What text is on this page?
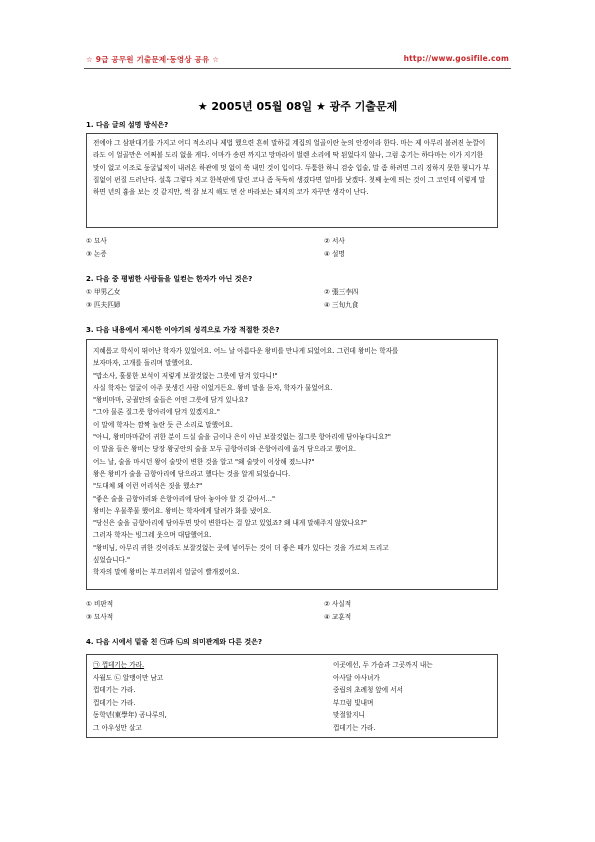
☆ 9급 공무원 기출문제·동영상 공유 ☆	http://www.gosifile.com
★ 2005년 05월 08일 ★ 광주 기출문제
1. 다음 글의 설명 방식은?

전에야 그 삼판대기를 가지고 어디 적소리나 제법 했으련 흔히 말하길 계집의 얼골이란 눈의 안경이라 한다. 마는 제 아무리 볼려진 눈깔이라도 이 얼골만은 어쩌볼 도리 없을 게다. 이마가 송편 까지고 망마라이 벌렌 소리에 딱 된었다지 않나, 그럼 총기는 하다마는 이가 지기한 맛이 없고 이조로 둥굴넓적이 내려온 하관에 멋 없이 쑥 내민 것이 입이다. 두툼한 하니 검숭 입술, 말 좀 하려면 그리 징하지 못한 뭣니가 부질없이 펀질 드러난다. 설혹 그렇다 치고 한복판에 달린 코나 좀 둑둑히 생겼다면 얼마를 낫겠다. 첫째 눈에 띄는 것이 그 코인데 이렇게 말하면 년의 흉을 보는 것 같지만, 썩 잘 보지 해도 먼 산 바라보는 돼지의 코가 자꾸만 생각이 난다.

① 묘사	② 서사
③ 논증	④ 설명
2. 다음 중 평범한 사람들을 일컫는 한자가 아닌 것은?
① 甲男乙女	② 張三李四
③ 匹夫匹婦	④ 三旬九食
3. 다음 내용에서 제시한 이야기의 성격으로 가장 적절한 것은?

지혜롭고 학식이 뛰어난 학자가 있었어요. 어느 날 아름다운 왕비를 만나게 되었어요. 그런데 왕비는 학자를

보자마자, 고개를 돌리며 말했어요.

"맙소사, 훌륭한 보석이 저렇게 보잘것없는 그릇에 담겨 있다니!"

사실 학자는 얼굴이 아주 못생긴 사람 이었거든요. 왕비 말을 듣자, 학자가 물었어요.

"왕비마마, 궁궐안의 술들은 어떤 그릇에 담겨 있나요?

"그야 물론 질그릇 항아리에 담겨 있겠지요."

이 말에 학자는 깜짝 놀란 듯 큰 소리로 말했어요.

"아니, 왕비마마같이 귀한 분이 드실 술을 금이나 은이 아닌 보잘것없는 질그릇 항아리에 담아놓다니요?"

이 말을 들은 왕비는 당장 왕궁안의 술을 모두 금항아리와 은항아리에 옮겨 담으라고 했어요.

어느 날, 술을 마시던 왕이 술맛이 변한 것을 알고 "왜 술맛이 이상해 졌느냐?"

왕은 왕비가 술을 금항아리에 담으라고 했다는 것을 알게 되었습니다.

"도대체 왜 이런 어리석은 짓을 했소?"

"좋은 술을 금항아리와 은항아리에 담아 놓아야 할 것 같아서..."

왕비는 우물쭈물 했어요. 왕비는 학자에게 달려가 화를 냈어요.

"당신은 술을 금항아리에 담아두면 맛이 변한다는 걸 알고 있었죠? 왜 내게 말해주지 않았나요?"

그러자 학자는 빙그레 웃으며 대답했어요.

"왕비님, 아무리 귀한 것이라도 보잘것없는 곳에 넣어두는 것이 더 좋은 때가 있다는 것을 가르쳐 드리고

싶었습니다."

학자의 말에 왕비는 부끄러워서 얼굴이 빨개졌어요.

① 비판적	② 사실적
③ 묘사적	④ 교훈적
4. 다음 시에서 밑줄 친 ㉠과 ㉡의 의미관계와 다른 것은?
㉠ 껍데기는 가라.
사월도 ㉡ 알맹이만 남고
껍데기는 가라.
껍데기는 가라.
동학년(東學年) 곰나루의,
그 아우성만 살고
이곳에선, 두 가슴과 그곳까지 내는
아사달 아사녀가
중립의 초례청 앞에 서서
부끄럼 빛내며
맞절할지니
껍데기는 가라.
